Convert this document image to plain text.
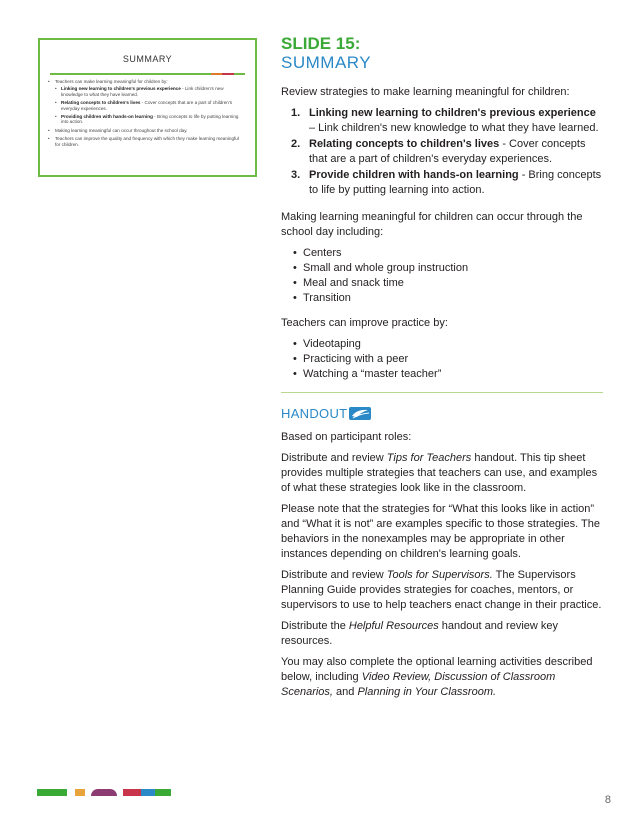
SUMMARY
• Teachers can make learning meaningful for children by:
• Linking new learning to children's previous experience - Link children's new knowledge to what they have learned.
• Relating concepts to children's lives - Cover concepts that are a part of children's everyday experiences.
• Providing children with hands-on learning - Bring concepts to life by putting learning into action.
• Making learning meaningful can occur throughout the school day.
• Teachers can improve the quality and frequency with which they make learning meaningful for children.
SLIDE 15:
SUMMARY

Review strategies to make learning meaningful for children:

1. Linking new learning to children's previous experience – Link children's new knowledge to what they have learned.
2. Relating concepts to children's lives - Cover concepts that are a part of children's everyday experiences.
3. Provide children with hands-on learning - Bring concepts to life by putting learning into action.

Making learning meaningful for children can occur through the school day including:

• Centers
• Small and whole group instruction
• Meal and snack time
• Transition

Teachers can improve practice by:

• Videotaping
• Practicing with a peer
• Watching a “master teacher”
HANDOUT

Based on participant roles:

Distribute and review Tips for Teachers handout. This tip sheet provides multiple strategies that teachers can use, and examples of what these strategies look like in the classroom.

Please note that the strategies for “What this looks like in action” and “What it is not” are examples specific to those strategies. The behaviors in the nonexamples may be appropriate in other instances depending on children's learning goals.

Distribute and review Tools for Supervisors. The Supervisors Planning Guide provides strategies for coaches, mentors, or supervisors to use to help teachers enact change in their practice.

Distribute the Helpful Resources handout and review key resources.

You may also complete the optional learning activities described below, including Video Review, Discussion of Classroom Scenarios, and Planning in Your Classroom.

8
